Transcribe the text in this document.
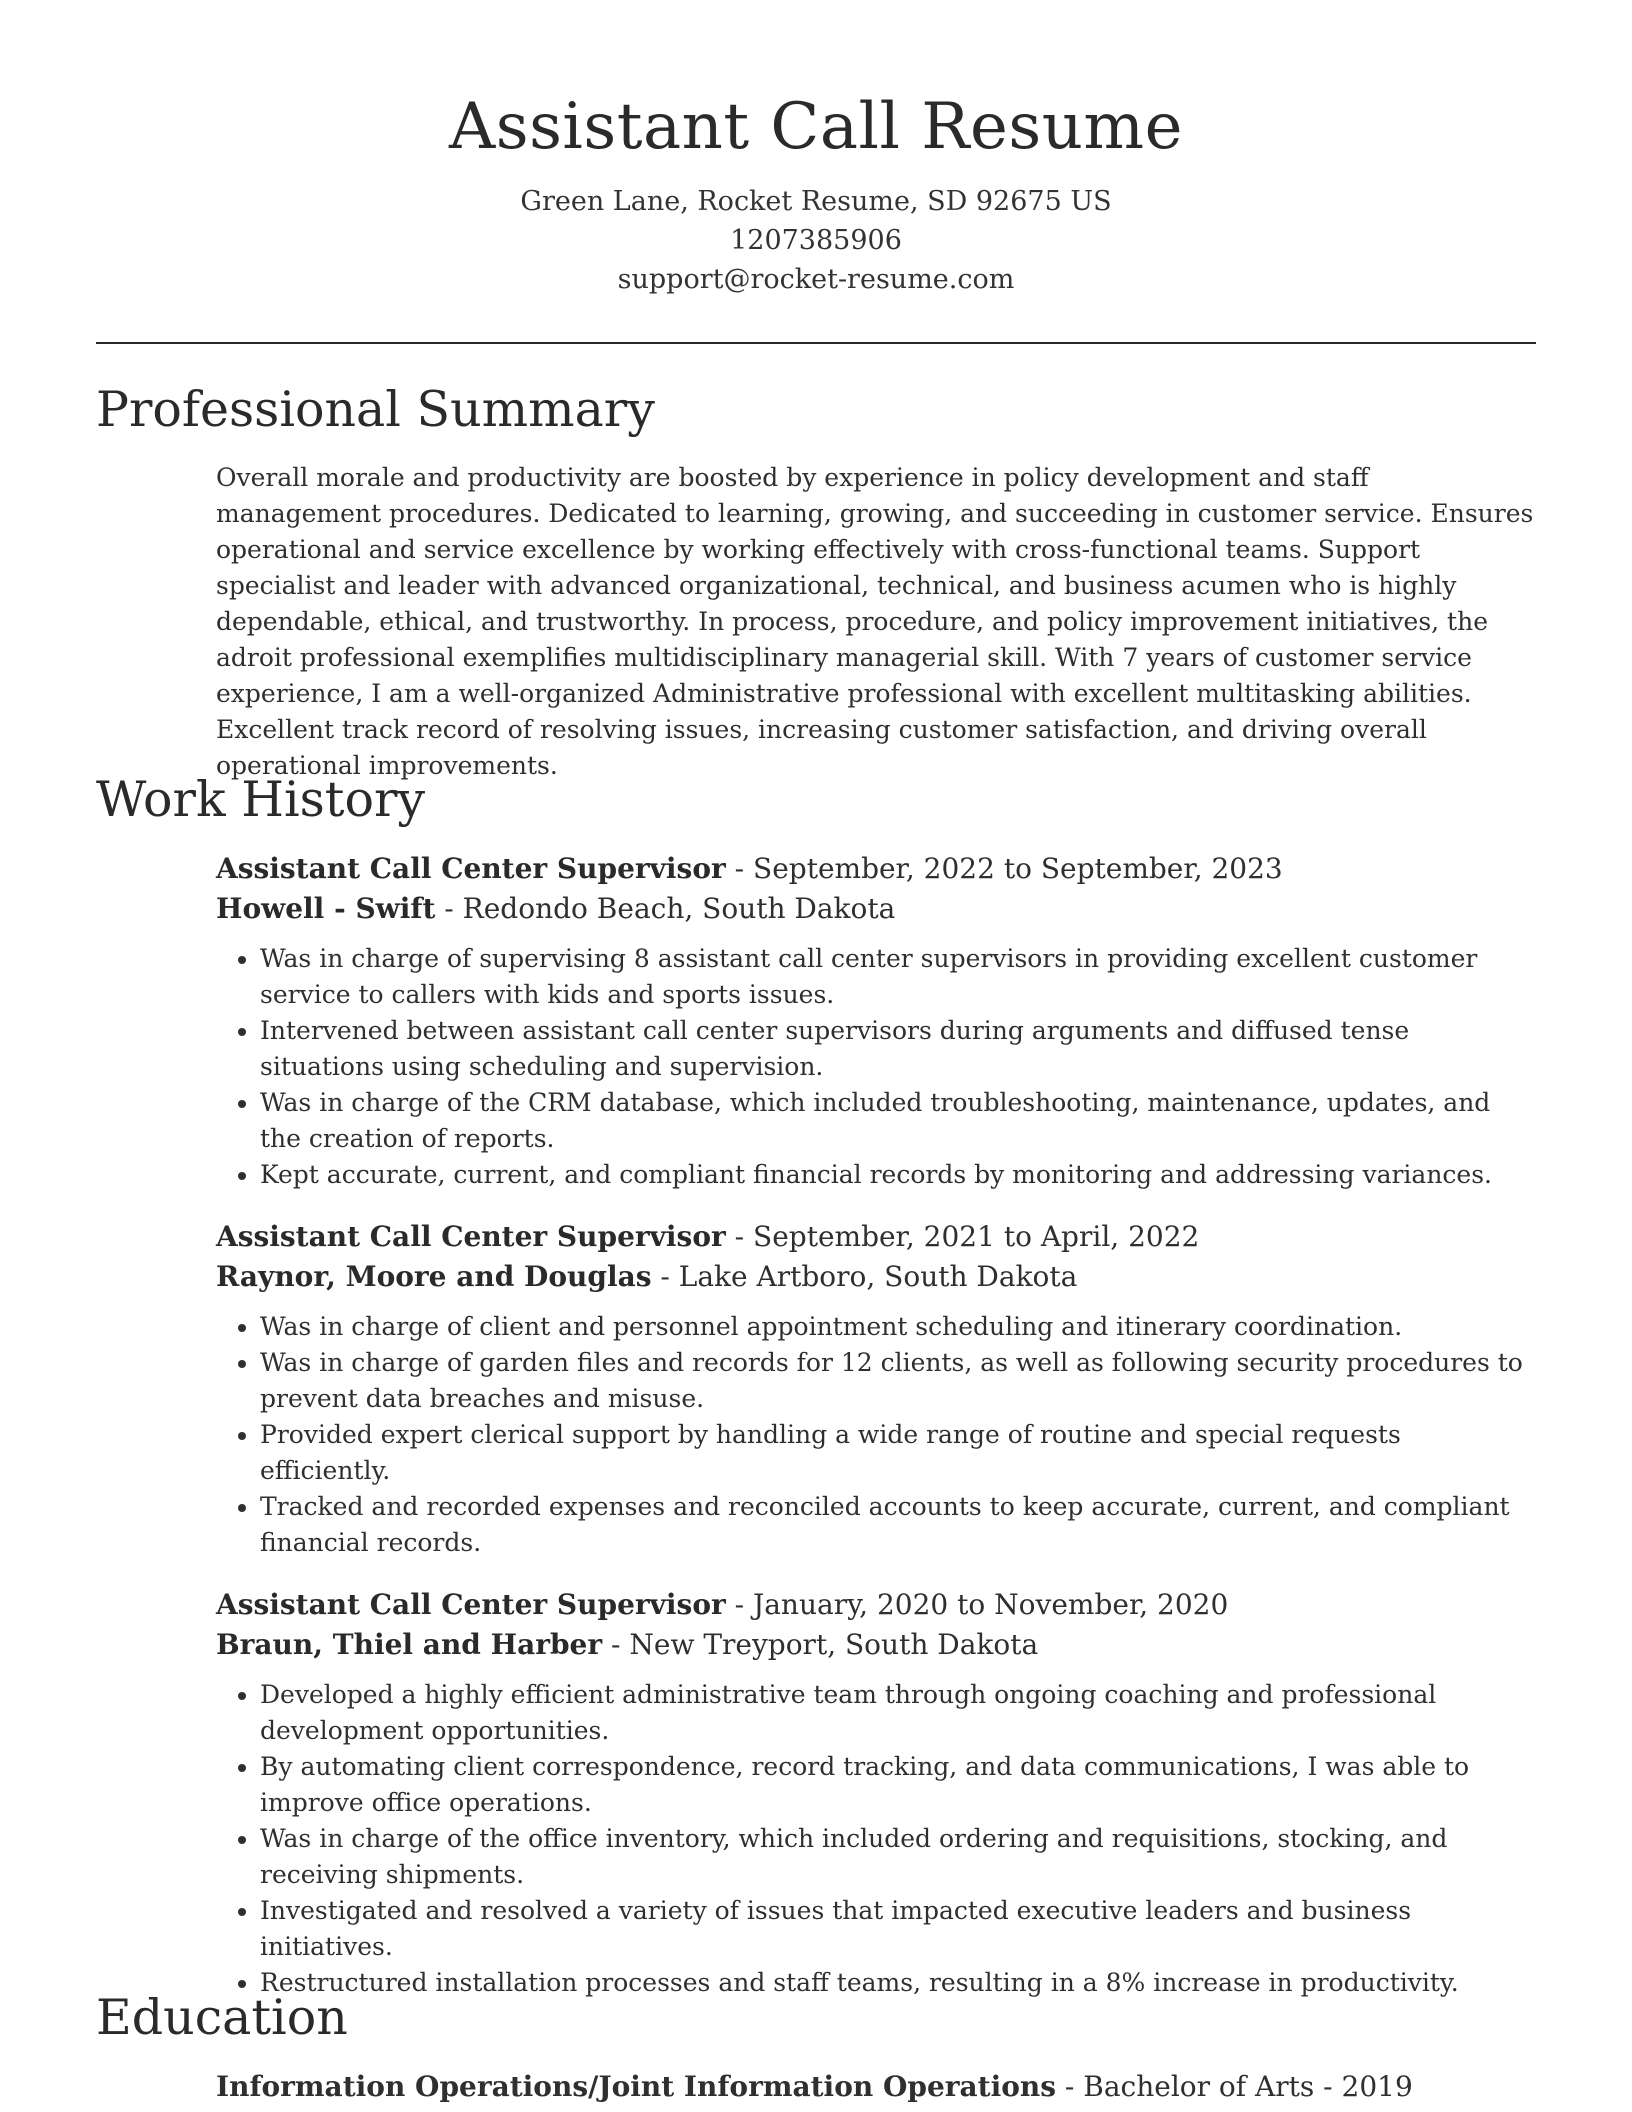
Assistant Call Resume
Green Lane, Rocket Resume, SD 92675 US
1207385906
support@rocket-resume.com
Professional Summary

Overall morale and productivity are boosted by experience in policy development and staff management procedures. Dedicated to learning, growing, and succeeding in customer service. Ensures operational and service excellence by working effectively with cross-functional teams. Support specialist and leader with advanced organizational, technical, and business acumen who is highly dependable, ethical, and trustworthy. In process, procedure, and policy improvement initiatives, the adroit professional exemplifies multidisciplinary managerial skill. With 7 years of customer service experience, I am a well-organized Administrative professional with excellent multitasking abilities. Excellent track record of resolving issues, increasing customer satisfaction, and driving overall operational improvements.

Work History
Assistant Call Center Supervisor - September, 2022 to September, 2023
Howell - Swift - Redondo Beach, South Dakota
• Was in charge of supervising 8 assistant call center supervisors in providing excellent customer service to callers with kids and sports issues.
• Intervened between assistant call center supervisors during arguments and diffused tense situations using scheduling and supervision.
• Was in charge of the CRM database, which included troubleshooting, maintenance, updates, and the creation of reports.
• Kept accurate, current, and compliant financial records by monitoring and addressing variances.
Assistant Call Center Supervisor - September, 2021 to April, 2022
Raynor, Moore and Douglas - Lake Artboro, South Dakota
• Was in charge of client and personnel appointment scheduling and itinerary coordination.
• Was in charge of garden files and records for 12 clients, as well as following security procedures to prevent data breaches and misuse.
• Provided expert clerical support by handling a wide range of routine and special requests efficiently.
• Tracked and recorded expenses and reconciled accounts to keep accurate, current, and compliant financial records.
Assistant Call Center Supervisor - January, 2020 to November, 2020
Braun, Thiel and Harber - New Treyport, South Dakota
• Developed a highly efficient administrative team through ongoing coaching and professional development opportunities.
• By automating client correspondence, record tracking, and data communications, I was able to improve office operations.
• Was in charge of the office inventory, which included ordering and requisitions, stocking, and receiving shipments.
• Investigated and resolved a variety of issues that impacted executive leaders and business initiatives.
• Restructured installation processes and staff teams, resulting in a 8% increase in productivity.
Education
Information Operations/Joint Information Operations - Bachelor of Arts - 2019
